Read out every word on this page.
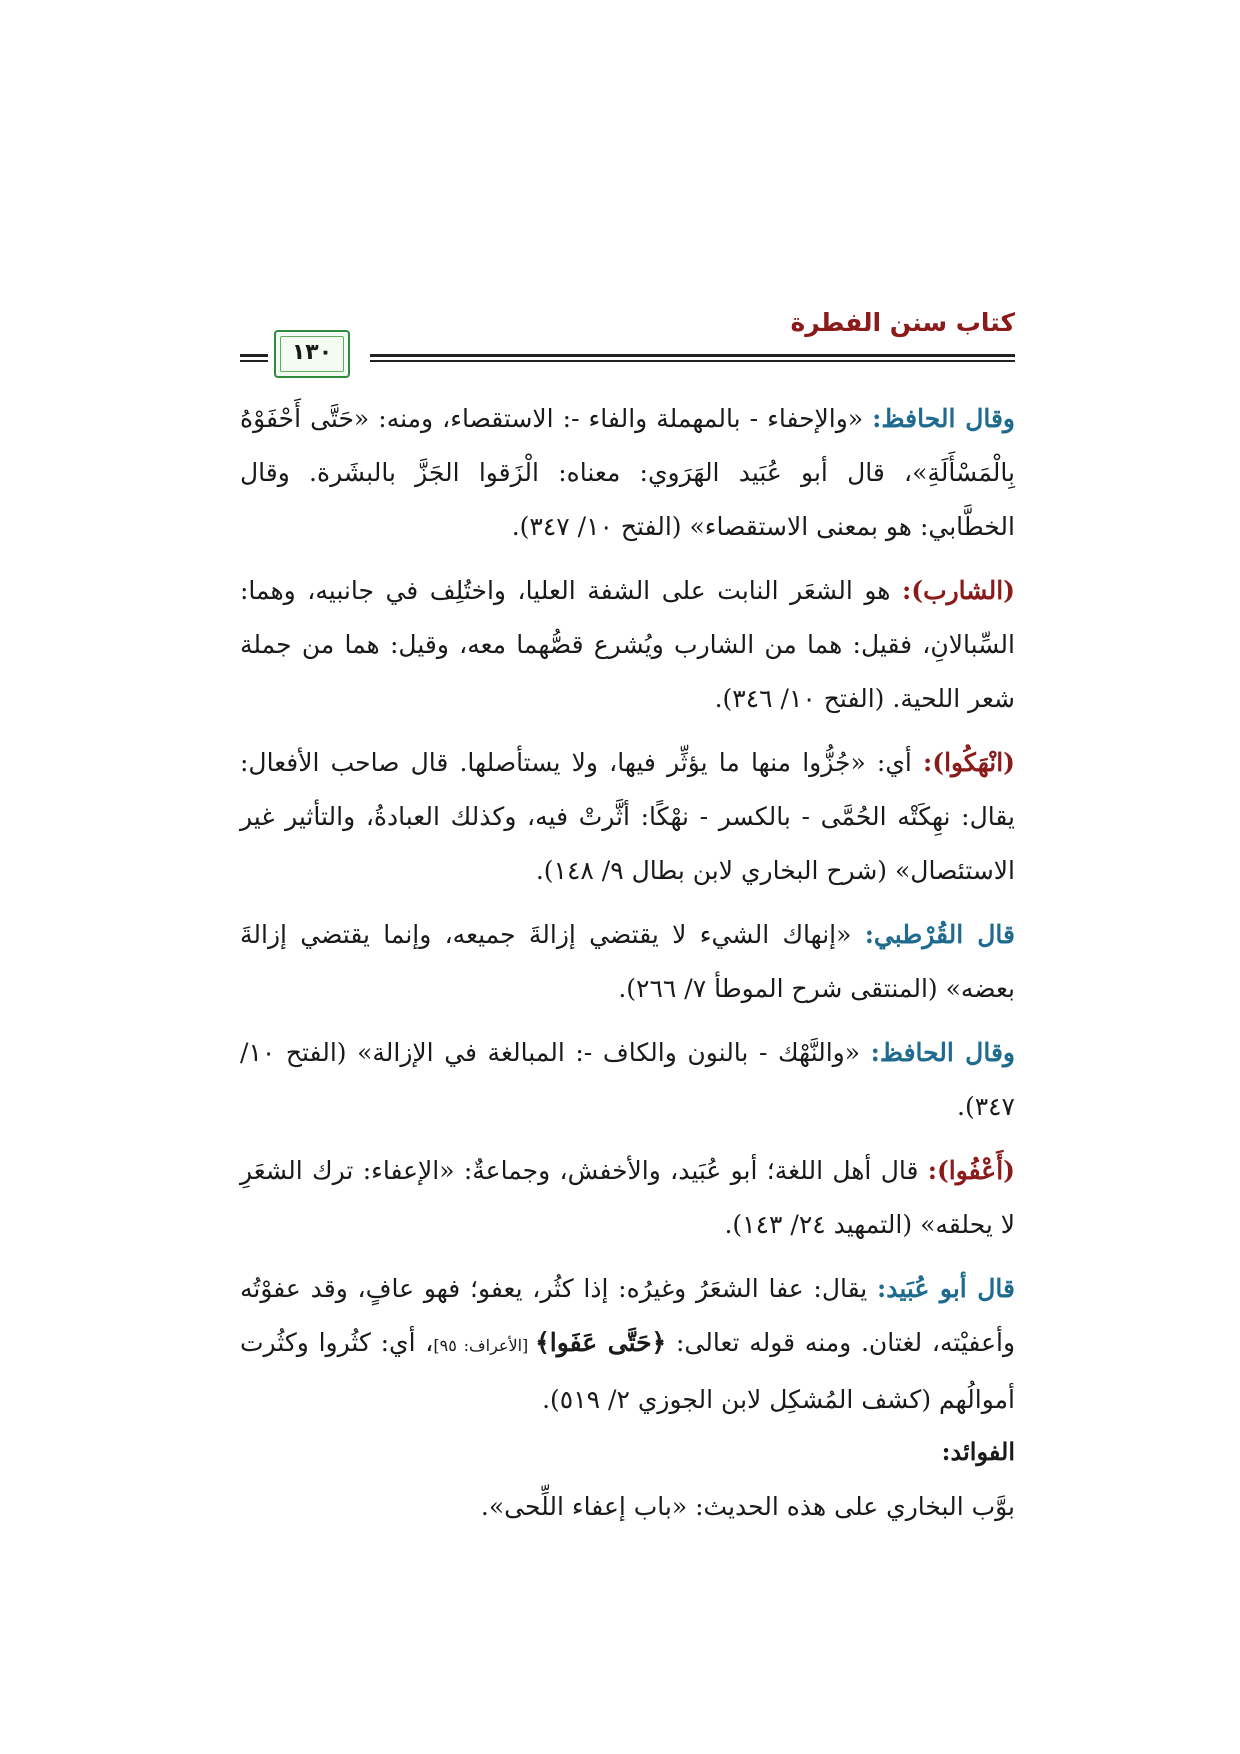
كتاب سنن الفطرة
١٣٠

وقال الحافظ: «والإحفاء - بالمهملة والفاء -: الاستقصاء، ومنه: «حَتَّى أَحْفَوْهُ بِالْمَسْأَلَةِ»، قال أبو عُبَيد الهَرَوي: معناه: الْزَقوا الجَزَّ بالبشَرة. وقال الخطَّابي: هو بمعنى الاستقصاء» (الفتح ١٠/ ٣٤٧).

(الشارب): هو الشعَر النابت على الشفة العليا، واختُلِف في جانبيه، وهما: السِّبالانِ، فقيل: هما من الشارب ويُشرع قصُّهما معه، وقيل: هما من جملة شعر اللحية. (الفتح ١٠/ ٣٤٦).

(انْهَكُوا): أي: «جُزُّوا منها ما يؤثِّر فيها، ولا يستأصلها. قال صاحب الأفعال: يقال: نهِكَتْه الحُمَّى - بالكسر - نهْكًا: أثَّرتْ فيه، وكذلك العبادةُ، والتأثير غير الاستئصال» (شرح البخاري لابن بطال ٩/ ١٤٨).

قال القُرْطبي: «إنهاك الشيء لا يقتضي إزالةَ جميعه، وإنما يقتضي إزالةَ بعضه» (المنتقى شرح الموطأ ٧/ ٢٦٦).

وقال الحافظ: «والنَّهْك - بالنون والكاف -: المبالغة في الإزالة» (الفتح ١٠/ ٣٤٧).

(أَعْفُوا): قال أهل اللغة؛ أبو عُبَيد، والأخفش، وجماعةٌ: «الإعفاء: ترك الشعَرِ لا يحلقه» (التمهيد ٢٤/ ١٤٣).

قال أبو عُبَيد: يقال: عفا الشعَرُ وغيرُه: إذا كثُر، يعفو؛ فهو عافٍ، وقد عفوْتُه وأعفيْته، لغتان. ومنه قوله تعالى: ﴿حَتَّى عَفَوا﴾ [الأعراف: ٩٥]، أي: كثُروا وكثُرت أموالُهم (كشف المُشكِل لابن الجوزي ٢/ ٥١٩).

الفوائد:

بوَّب البخاري على هذه الحديث: «باب إعفاء اللِّحى».
